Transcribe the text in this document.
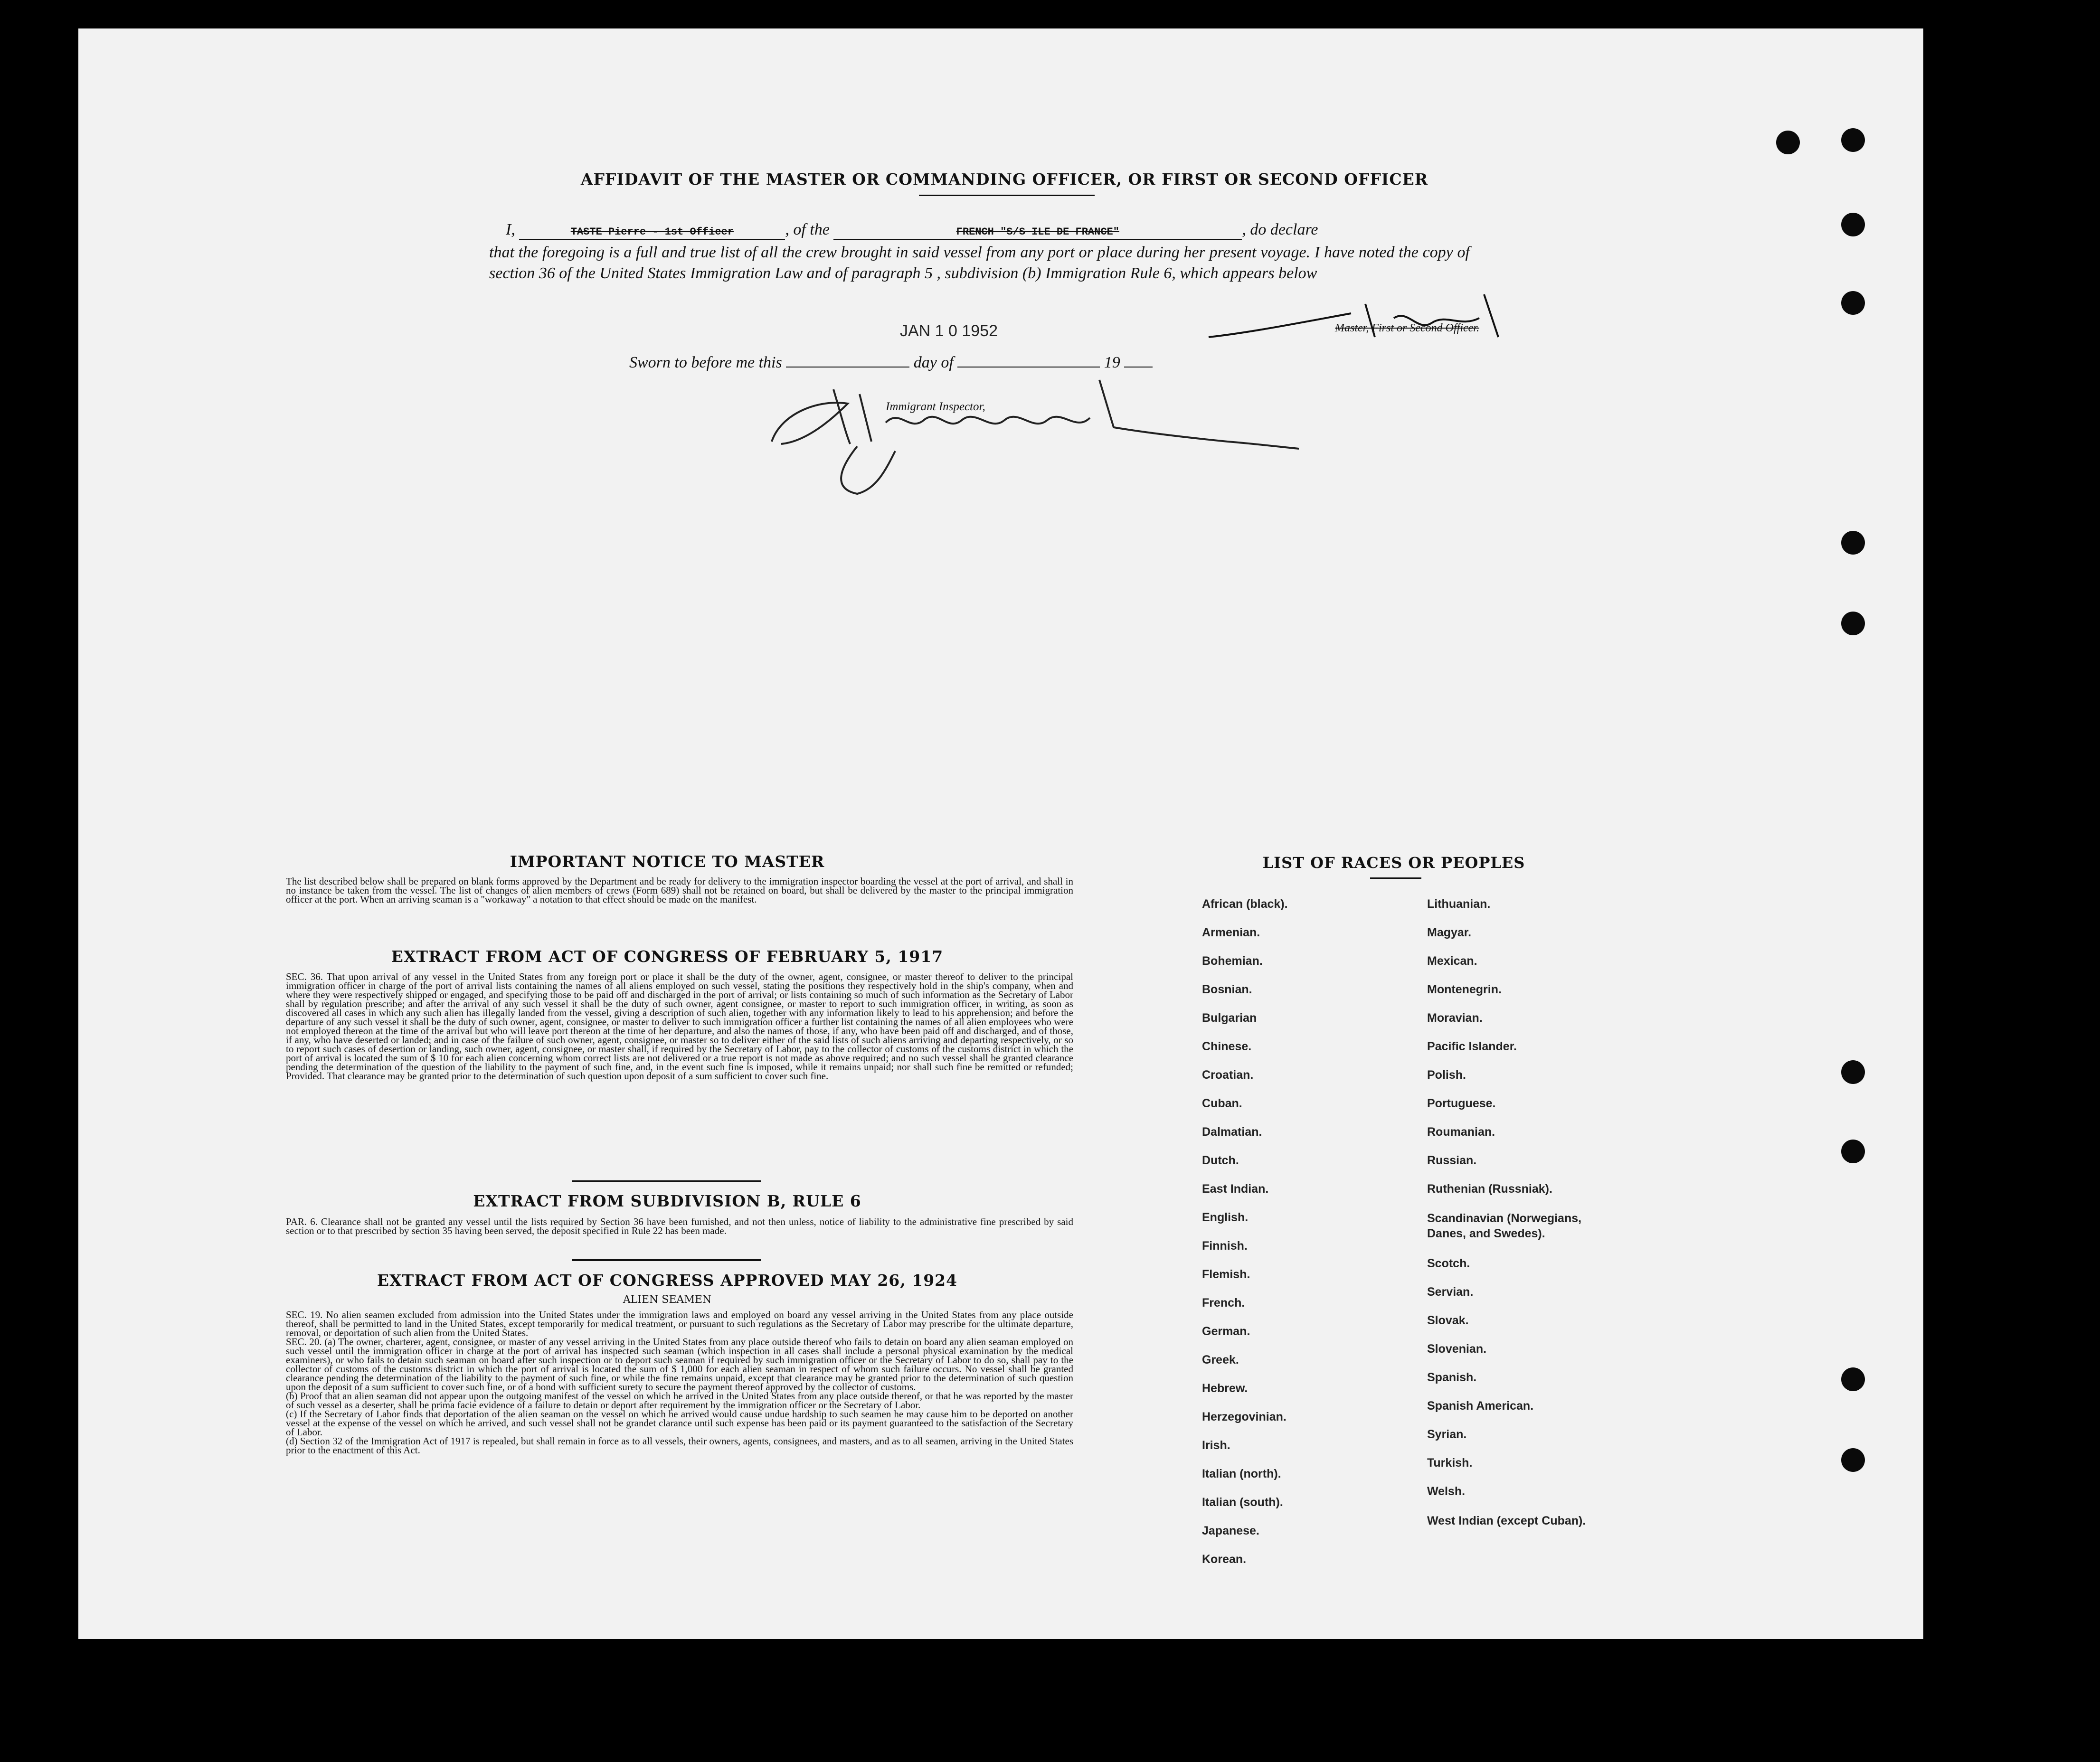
AFFIDAVIT OF THE MASTER OR COMMANDING OFFICER, OR FIRST OR SECOND OFFICER
I,	TASTE Pierre - 1st Officer	, of the	FRENCH "S/S ILE DE FRANCE"	, do declare
that the foregoing is a full and true list of all the crew brought in said vessel from any port or place during her present voyage. I have noted the copy of section 36 of the United States Immigration Law and of paragraph 5 , subdivision (b) Immigration Rule 6, which appears below
Master, First or Second Officer.
Sworn to before me this	day of	19
JAN 1 0 1952
Immigrant Inspector,
IMPORTANT NOTICE TO MASTER
The list described below shall be prepared on blank forms approved by the Department and be ready for delivery to the immigration inspector boarding the vessel at the port of arrival, and shall in no instance be taken from the vessel. The list of changes of alien members of crews (Form 689) shall not be retained on board, but shall be delivered by the master to the principal immigration officer at the port. When an arriving seaman is a "workaway" a notation to that effect should be made on the manifest.
EXTRACT FROM ACT OF CONGRESS OF FEBRUARY 5, 1917
SEC. 36. That upon arrival of any vessel in the United States from any foreign port or place it shall be the duty of the owner, agent, consignee, or master thereof to deliver to the principal immigration officer in charge of the port of arrival lists containing the names of all aliens employed on such vessel, stating the positions they respectively hold in the ship's company, when and where they were respectively shipped or engaged, and specifying those to be paid off and discharged in the port of arrival; or lists containing so much of such information as the Secretary of Labor shall by regulation prescribe; and after the arrival of any such vessel it shall be the duty of such owner, agent consignee, or master to report to such immigration officer, in writing, as soon as discovered all cases in which any such alien has illegally landed from the vessel, giving a description of such alien, together with any information likely to lead to his apprehension; and before the departure of any such vessel it shall be the duty of such owner, agent, consignee, or master to deliver to such immigration officer a further list containing the names of all alien employees who were not employed thereon at the time of the arrival but who will leave port thereon at the time of her departure, and also the names of those, if any, who have been paid off and discharged, and of those, if any, who have deserted or landed; and in case of the failure of such owner, agent, consignee, or master so to deliver either of the said lists of such aliens arriving and departing respectively, or so to report such cases of desertion or landing, such owner, agent, consignee, or master shall, if required by the Secretary of Labor, pay to the collector of customs of the customs district in which the port of arrival is located the sum of $ 10 for each alien concerning whom correct lists are not delivered or a true report is not made as above required; and no such vessel shall be granted clearance pending the determination of the question of the liability to the payment of such fine, and, in the event such fine is imposed, while it remains unpaid; nor shall such fine be remitted or refunded; Provided. That clearance may be granted prior to the determination of such question upon deposit of a sum sufficient to cover such fine.
EXTRACT FROM SUBDIVISION B, RULE 6
PAR. 6. Clearance shall not be granted any vessel until the lists required by Section 36 have been furnished, and not then unless, notice of liability to the administrative fine prescribed by said section or to that prescribed by section 35 having been served, the deposit specified in Rule 22 has been made.
EXTRACT FROM ACT OF CONGRESS APPROVED MAY 26, 1924
ALIEN SEAMEN
SEC. 19. No alien seamen excluded from admission into the United States under the immigration laws and employed on board any vessel arriving in the United States from any place outside thereof, shall be permitted to land in the United States, except temporarily for medical treatment, or pursuant to such regulations as the Secretary of Labor may prescribe for the ultimate departure, removal, or deportation of such alien from the United States.
SEC. 20. (a) The owner, charterer, agent, consignee, or master of any vessel arriving in the United States from any place outside thereof who fails to detain on board any alien seaman employed on such vessel until the immigration officer in charge at the port of arrival has inspected such seaman (which inspection in all cases shall include a personal physical examination by the medical examiners), or who fails to detain such seaman on board after such inspection or to deport such seaman if required by such immigration officer or the Secretary of Labor to do so, shall pay to the collector of customs of the customs district in which the port of arrival is located the sum of $ 1,000 for each alien seaman in respect of whom such failure occurs. No vessel shall be granted clearance pending the determination of the liability to the payment of such fine, or while the fine remains unpaid, except that clearance may be granted prior to the determination of such question upon the deposit of a sum sufficient to cover such fine, or of a bond with sufficient surety to secure the payment thereof approved by the collector of customs.
(b) Proof that an alien seaman did not appear upon the outgoing manifest of the vessel on which he arrived in the United States from any place outside thereof, or that he was reported by the master of such vessel as a deserter, shall be prima facie evidence of a failure to detain or deport after requirement by the immigration officer or the Secretary of Labor.
(c) If the Secretary of Labor finds that deportation of the alien seaman on the vessel on which he arrived would cause undue hardship to such seamen he may cause him to be deported on another vessel at the expense of the vessel on which he arrived, and such vessel shall not be grandet clarance until such expense has been paid or its payment guaranteed to the satisfaction of the Secretary of Labor.
(d) Section 32 of the Immigration Act of 1917 is repealed, but shall remain in force as to all vessels, their owners, agents, consignees, and masters, and as to all seamen, arriving in the United States prior to the enactment of this Act.
LIST OF RACES OR PEOPLES
African (black).
Armenian.
Bohemian.
Bosnian.
Bulgarian
Chinese.
Croatian.
Cuban.
Dalmatian.
Dutch.
East Indian.
English.
Finnish.
Flemish.
French.
German.
Greek.
Hebrew.
Herzegovinian.
Irish.
Italian (north).
Italian (south).
Japanese.
Korean.
Lithuanian.
Magyar.
Mexican.
Montenegrin.
Moravian.
Pacific Islander.
Polish.
Portuguese.
Roumanian.
Russian.
Ruthenian (Russniak).
Scandinavian (Norwegians, Danes, and Swedes).
Scotch.
Servian.
Slovak.
Slovenian.
Spanish.
Spanish American.
Syrian.
Turkish.
Welsh.
West Indian (except Cuban).
